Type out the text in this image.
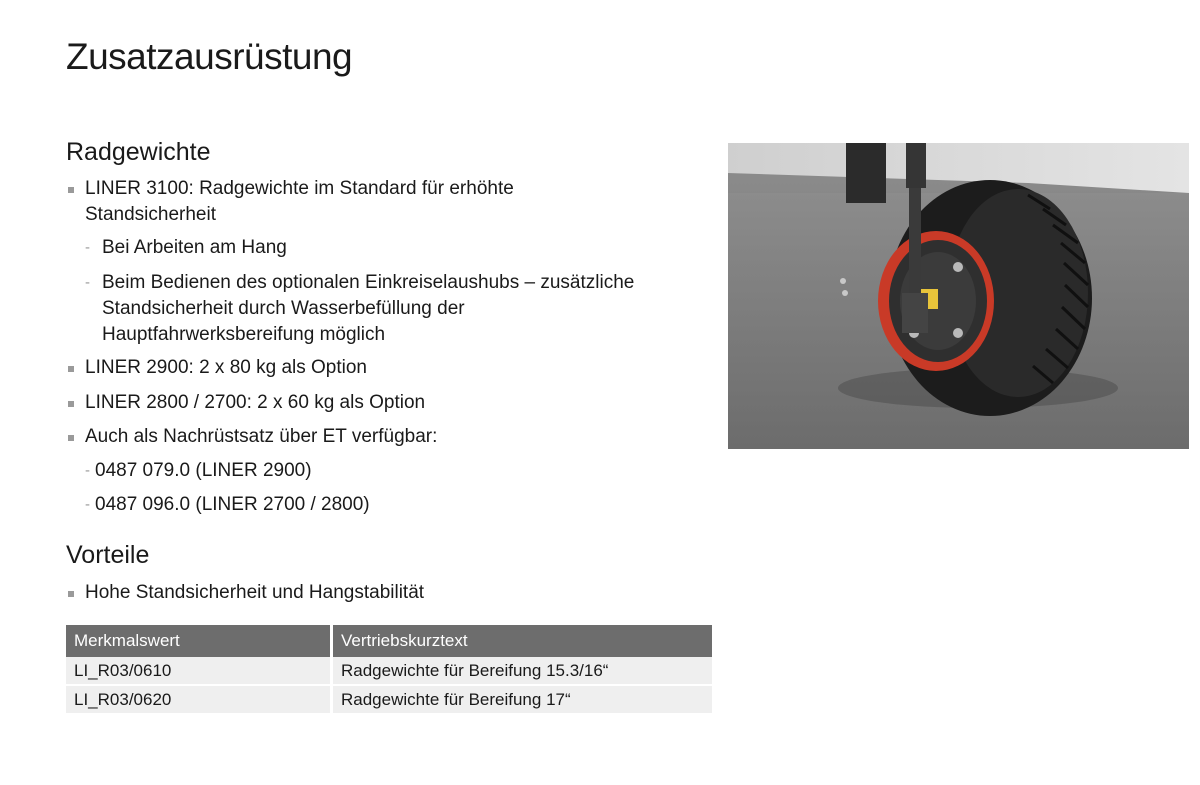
Zusatzausrüstung
Radgewichte
LINER 3100: Radgewichte im Standard für erhöhte Standsicherheit
- Bei Arbeiten am Hang
- Beim Bedienen des optionalen Einkreiselaushubs – zusätzliche Standsicherheit durch Wasserbefüllung der Hauptfahrwerksbereifung möglich
LINER 2900: 2 x 80 kg als Option
LINER 2800 / 2700: 2 x 60 kg als Option
Auch als Nachrüstsatz über ET verfügbar:
- 0487 079.0 (LINER 2900)
- 0487 096.0 (LINER 2700 / 2800)
Vorteile
Hohe Standsicherheit und Hangstabilität
Merkmalswert	Vertriebskurztext
LI_R03/0610	Radgewichte für Bereifung 15.3/16“
LI_R03/0620	Radgewichte für Bereifung 17“
